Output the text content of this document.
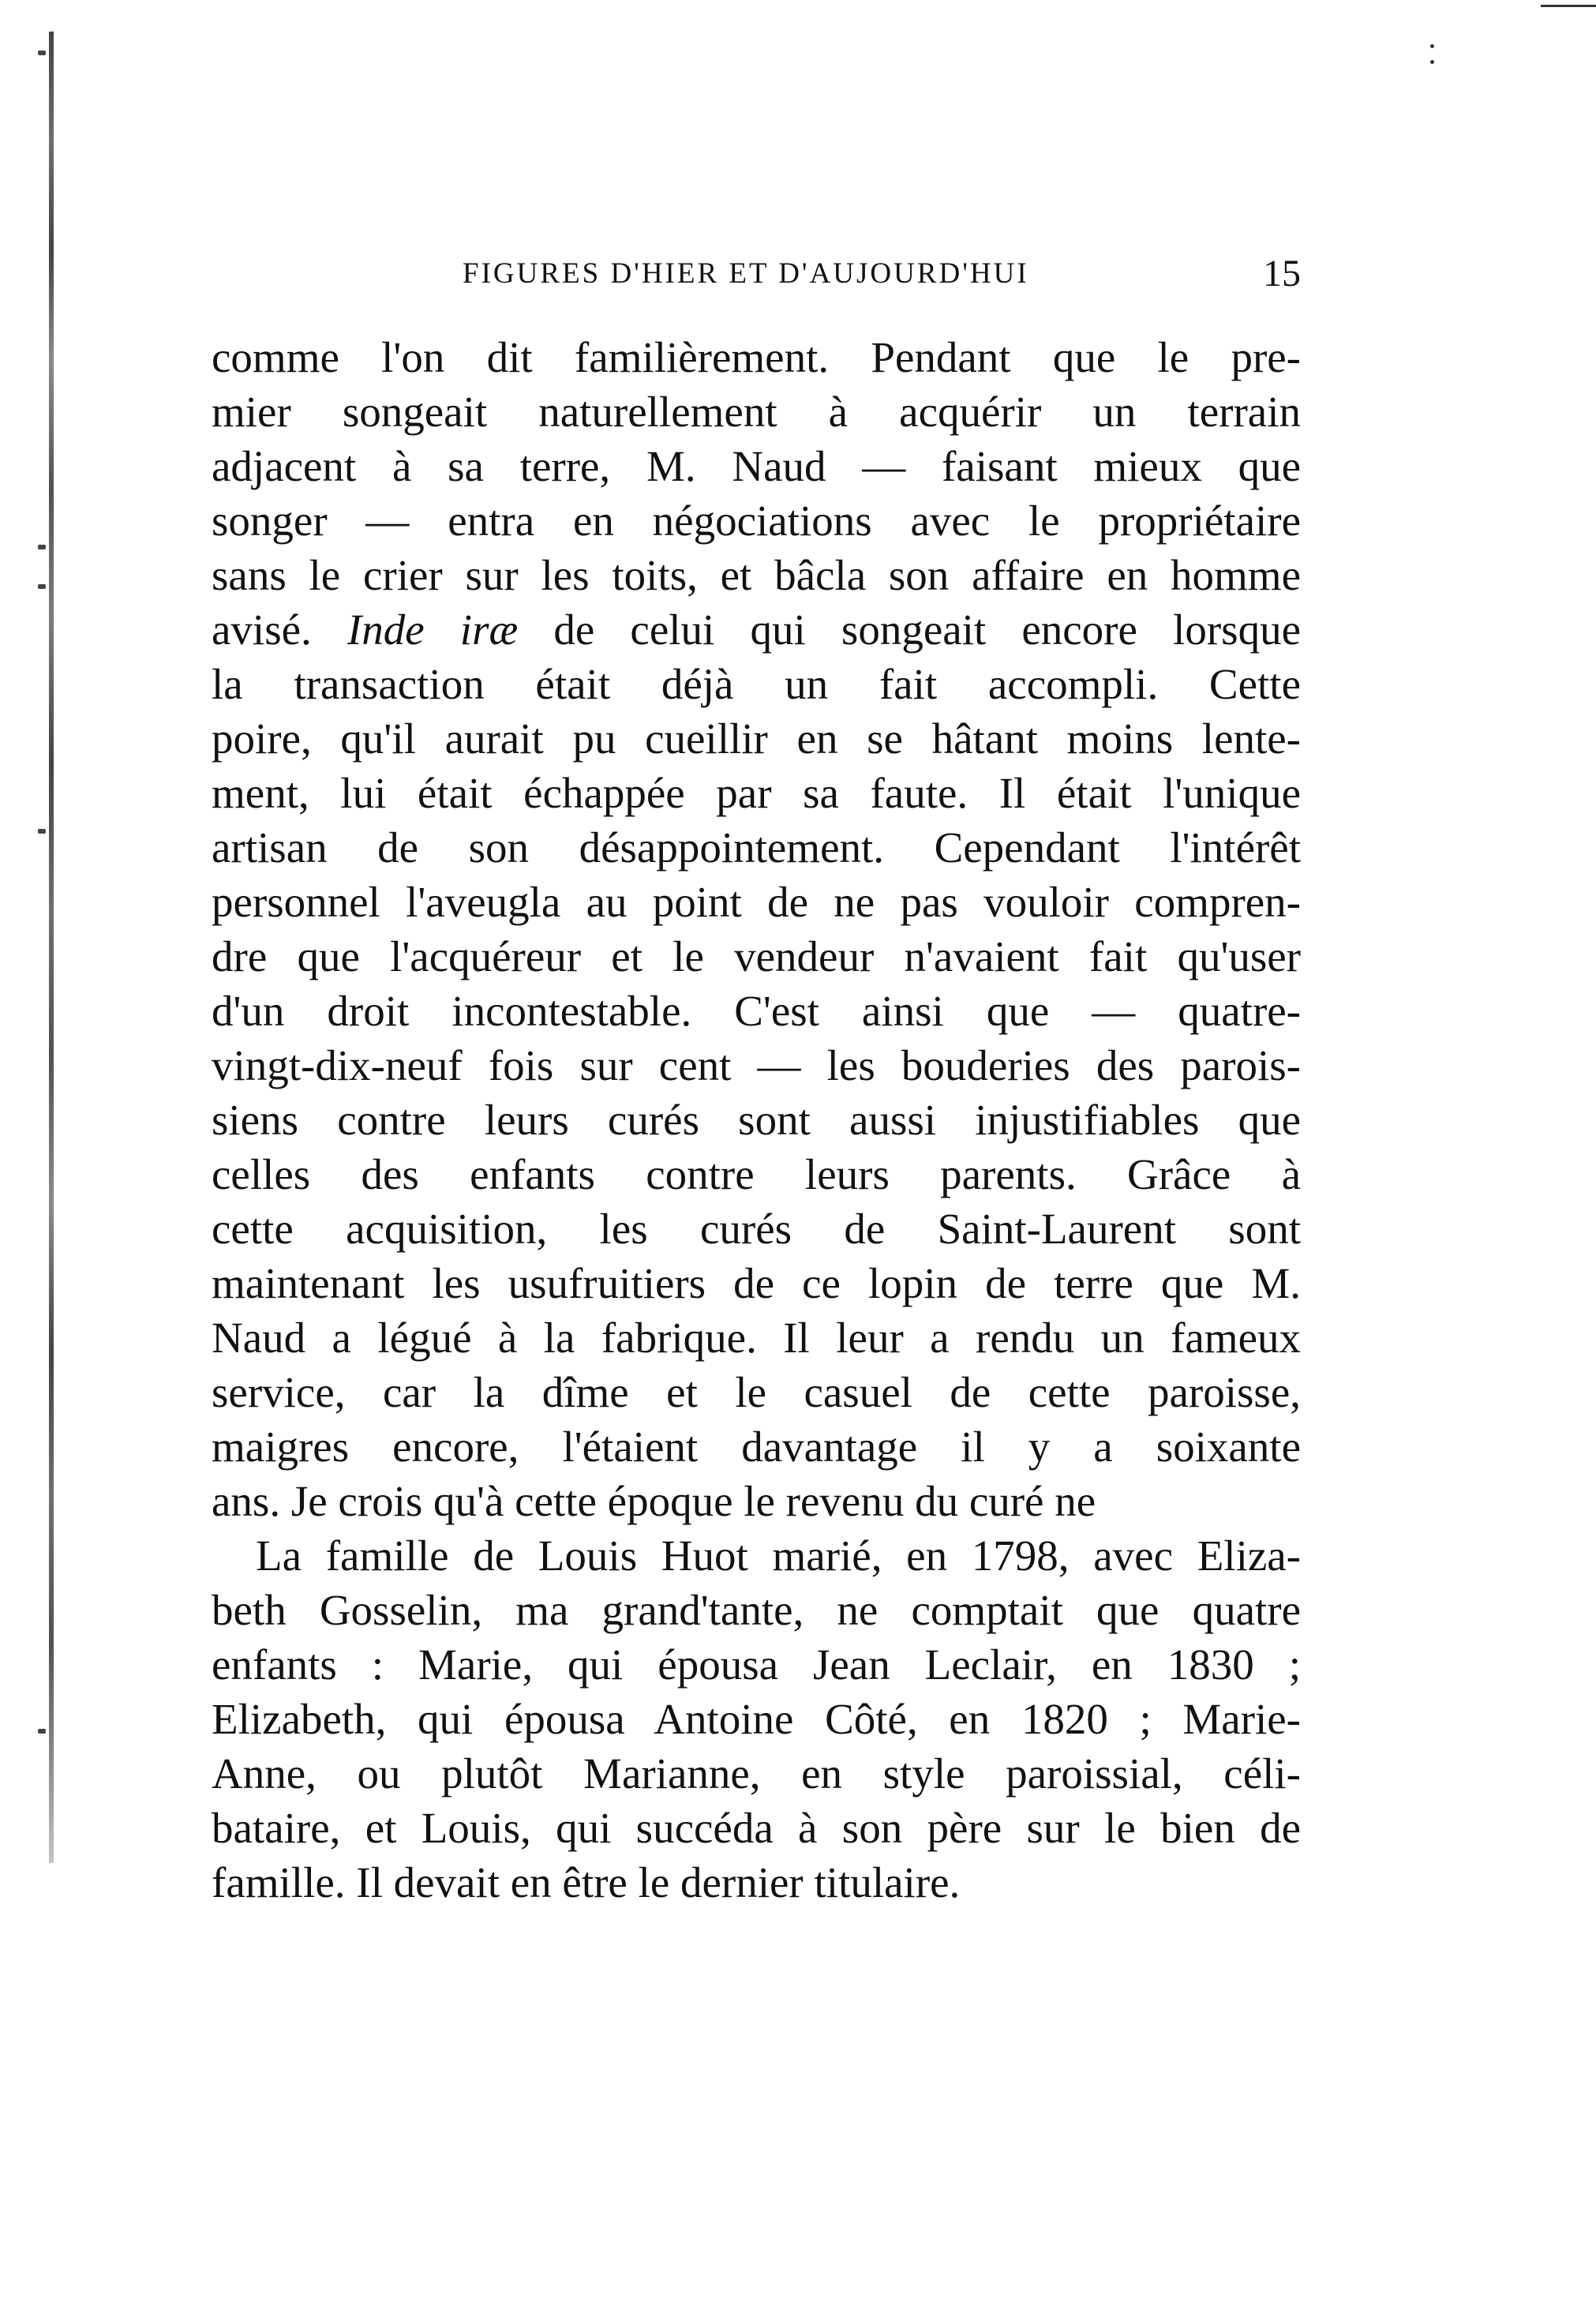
FIGURES D'HIER ET D'AUJOURD'HUI	15
comme l'on dit familièrement. Pendant que le pre-
mier songeait naturellement à acquérir un terrain
adjacent à sa terre, M. Naud — faisant mieux que
songer — entra en négociations avec le propriétaire
sans le crier sur les toits, et bâcla son affaire en homme
avisé. Inde iræ de celui qui songeait encore lorsque
la transaction était déjà un fait accompli. Cette
poire, qu'il aurait pu cueillir en se hâtant moins lente-
ment, lui était échappée par sa faute. Il était l'unique
artisan de son désappointement. Cependant l'intérêt
personnel l'aveugla au point de ne pas vouloir compren-
dre que l'acquéreur et le vendeur n'avaient fait qu'user
d'un droit incontestable. C'est ainsi que — quatre-
vingt-dix-neuf fois sur cent — les bouderies des parois-
siens contre leurs curés sont aussi injustifiables que
celles des enfants contre leurs parents. Grâce à
cette acquisition, les curés de Saint-Laurent sont
maintenant les usufruitiers de ce lopin de terre que M.
Naud a légué à la fabrique. Il leur a rendu un fameux
service, car la dîme et le casuel de cette paroisse,
maigres encore, l'étaient davantage il y a soixante
ans. Je crois qu'à cette époque le revenu du curé ne
La famille de Louis Huot marié, en 1798, avec Eliza-
beth Gosselin, ma grand'tante, ne comptait que quatre
enfants : Marie, qui épousa Jean Leclair, en 1830 ;
Elizabeth, qui épousa Antoine Côté, en 1820 ; Marie-
Anne, ou plutôt Marianne, en style paroissial, céli-
bataire, et Louis, qui succéda à son père sur le bien de
famille. Il devait en être le dernier titulaire.
